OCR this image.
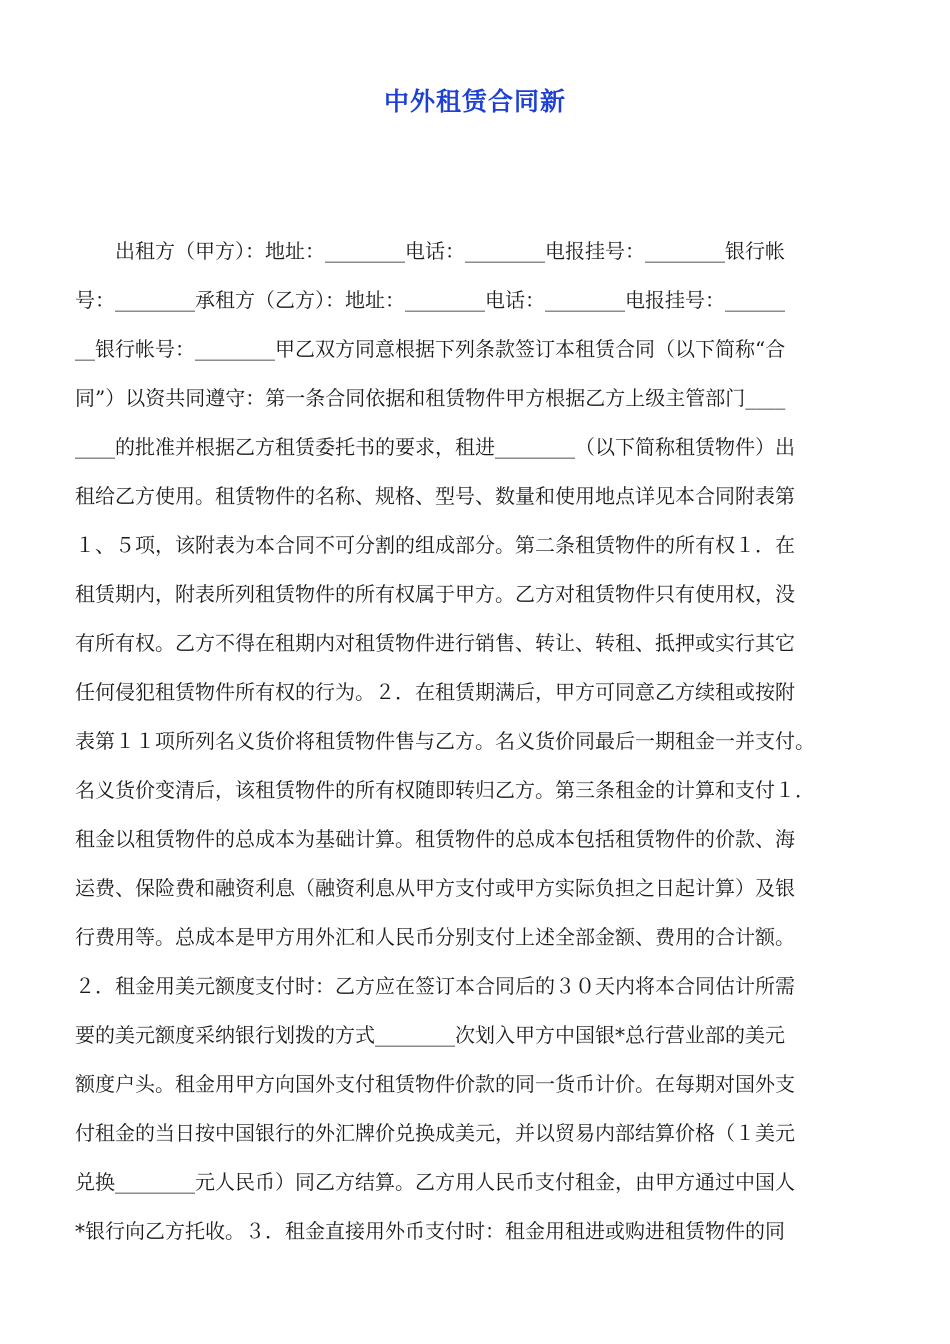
中外租赁合同新
　　出租方（甲方）：地址：________电话：________电报挂号：________银行帐
号：________承租方（乙方）：地址：________电话：________电报挂号：______
__银行帐号：________甲乙双方同意根据下列条款签订本租赁合同（以下简称“合
同”）以资共同遵守：第一条合同依据和租赁物件甲方根据乙方上级主管部门____
____的批准并根据乙方租赁委托书的要求，租进________（以下简称租赁物件）出
租给乙方使用。租赁物件的名称、规格、型号、数量和使用地点详见本合同附表第
１、５项，该附表为本合同不可分割的组成部分。第二条租赁物件的所有权１．在
租赁期内，附表所列租赁物件的所有权属于甲方。乙方对租赁物件只有使用权，没
有所有权。乙方不得在租期内对租赁物件进行销售、转让、转租、抵押或实行其它
任何侵犯租赁物件所有权的行为。２．在租赁期满后，甲方可同意乙方续租或按附
表第１１项所列名义货价将租赁物件售与乙方。名义货价同最后一期租金一并支付。
名义货价变清后，该租赁物件的所有权随即转归乙方。第三条租金的计算和支付１．
租金以租赁物件的总成本为基础计算。租赁物件的总成本包括租赁物件的价款、海
运费、保险费和融资利息（融资利息从甲方支付或甲方实际负担之日起计算）及银
行费用等。总成本是甲方用外汇和人民币分别支付上述全部金额、费用的合计额。
２．租金用美元额度支付时：乙方应在签订本合同后的３０天内将本合同估计所需
要的美元额度采纳银行划拨的方式________次划入甲方中国银*总行营业部的美元
额度户头。租金用甲方向国外支付租赁物件价款的同一货币计价。在每期对国外支
付租金的当日按中国银行的外汇牌价兑换成美元，并以贸易内部结算价格（１美元
兑换________元人民币）同乙方结算。乙方用人民币支付租金，由甲方通过中国人
*银行向乙方托收。３．租金直接用外币支付时：租金用租进或购进租赁物件的同
